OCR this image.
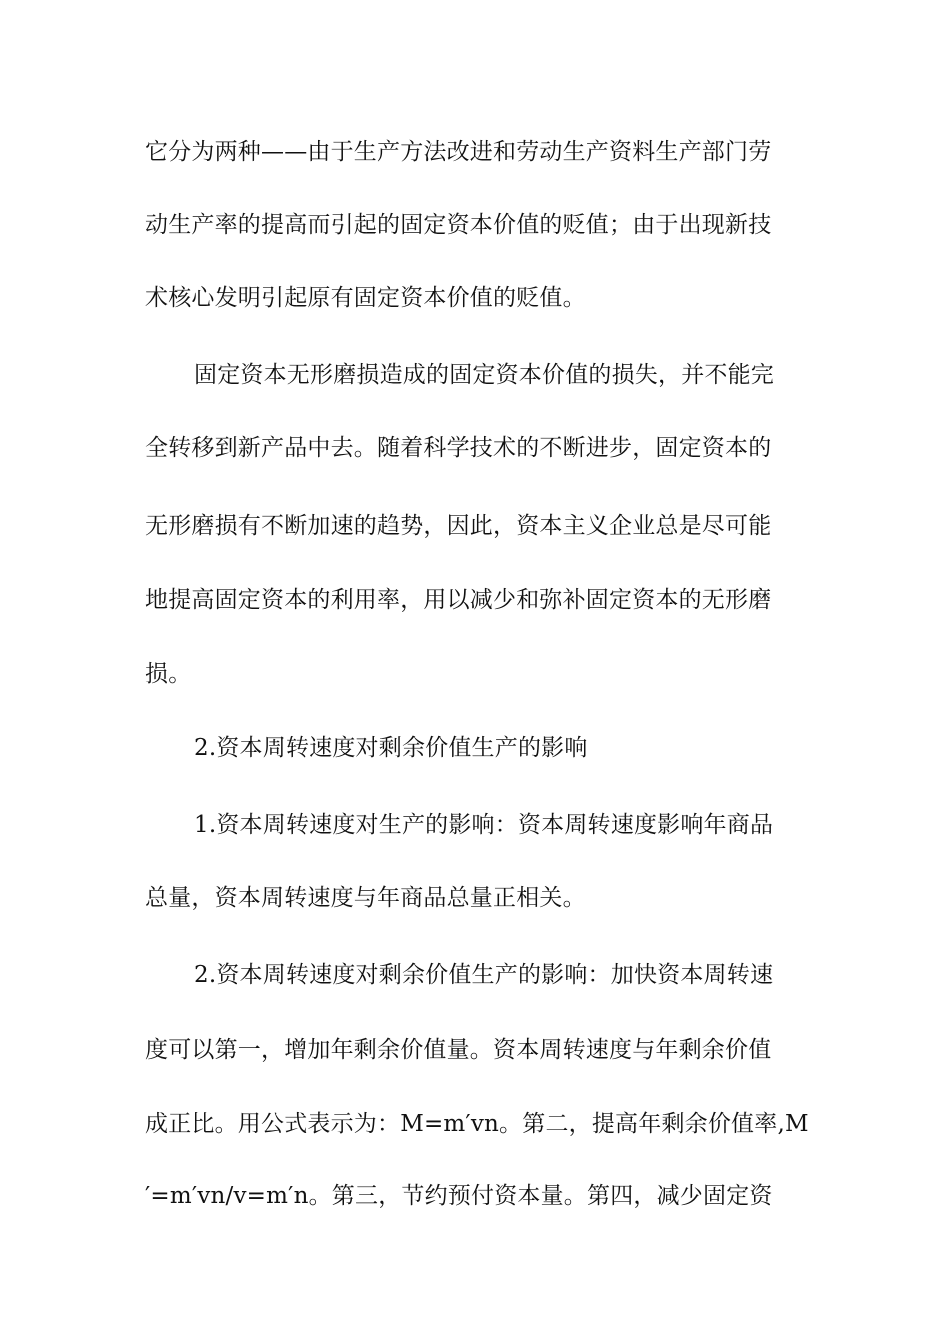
它分为两种——由于生产方法改进和劳动生产资料生产部门劳
动生产率的提高而引起的固定资本价值的贬值；由于出现新技
术核心发明引起原有固定资本价值的贬值。
固定资本无形磨损造成的固定资本价值的损失，并不能完
全转移到新产品中去。随着科学技术的不断进步，固定资本的
无形磨损有不断加速的趋势，因此，资本主义企业总是尽可能
地提高固定资本的利用率，用以减少和弥补固定资本的无形磨
损。
2.资本周转速度对剩余价值生产的影响
1.资本周转速度对生产的影响：资本周转速度影响年商品
总量，资本周转速度与年商品总量正相关。
2.资本周转速度对剩余价值生产的影响：加快资本周转速
度可以第一，增加年剩余价值量。资本周转速度与年剩余价值
成正比。用公式表示为：M=m′vn。第二，提高年剩余价值率,M
′=m′vn/v=m′n。第三，节约预付资本量。第四，减少固定资
